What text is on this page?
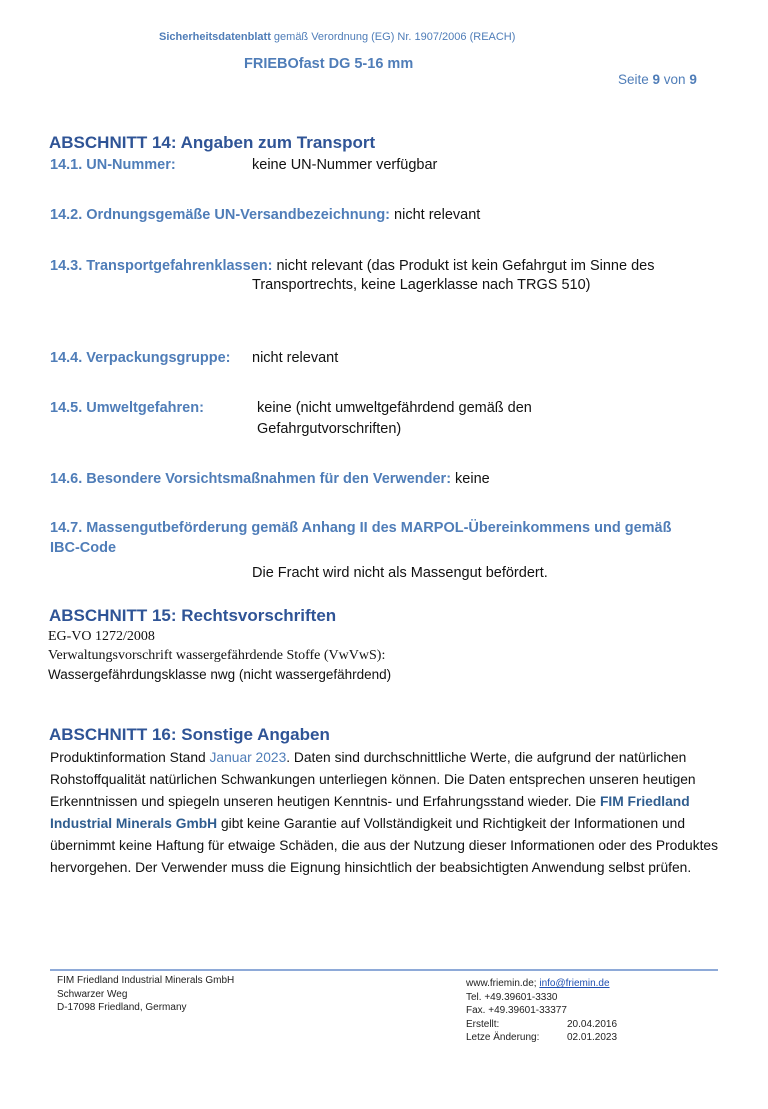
Sicherheitsdatenblatt gemäß Verordnung (EG) Nr. 1907/2006 (REACH)
FRIEBOfast DG 5-16 mm
Seite 9 von 9
ABSCHNITT 14: Angaben zum Transport
14.1. UN-Nummer:	keine UN-Nummer verfügbar
14.2. Ordnungsgemäße UN-Versandbezeichnung: nicht relevant
14.3. Transportgefahrenklassen: nicht relevant (das Produkt ist kein Gefahrgut im Sinne des
Transportrechts, keine Lagerklasse nach TRGS 510)
14.4. Verpackungsgruppe: nicht relevant
14.5. Umweltgefahren:	keine (nicht umweltgefährdend gemäß den
Gefahrgutvorschriften)
14.6. Besondere Vorsichtsmaßnahmen für den Verwender: keine
14.7. Massengutbeförderung gemäß Anhang II des MARPOL-Übereinkommens und gemäß
IBC-Code
Die Fracht wird nicht als Massengut befördert.
ABSCHNITT 15: Rechtsvorschriften
EG-VO 1272/2008
Verwaltungsvorschrift wassergefährdende Stoffe (VwVwS):
Wassergefährdungsklasse nwg (nicht wassergefährdend)
ABSCHNITT 16: Sonstige Angaben
Produktinformation Stand Januar 2023. Daten sind durchschnittliche Werte, die aufgrund der natürlichen Rohstoffqualität natürlichen Schwankungen unterliegen können. Die Daten entsprechen unseren heutigen Erkenntnissen und spiegeln unseren heutigen Kenntnis- und Erfahrungsstand wieder. Die FIM Friedland Industrial Minerals GmbH gibt keine Garantie auf Vollständigkeit und Richtigkeit der Informationen und übernimmt keine Haftung für etwaige Schäden, die aus der Nutzung dieser Informationen oder des Produktes hervorgehen. Der Verwender muss die Eignung hinsichtlich der beabsichtigten Anwendung selbst prüfen.
FIM Friedland Industrial Minerals GmbH
Schwarzer Weg
D-17098 Friedland, Germany
www.friemin.de; info@friemin.de
Tel. +49.39601-3330
Fax. +49.39601-33377
Erstellt:	20.04.2016
Letze Änderung:	02.01.2023
